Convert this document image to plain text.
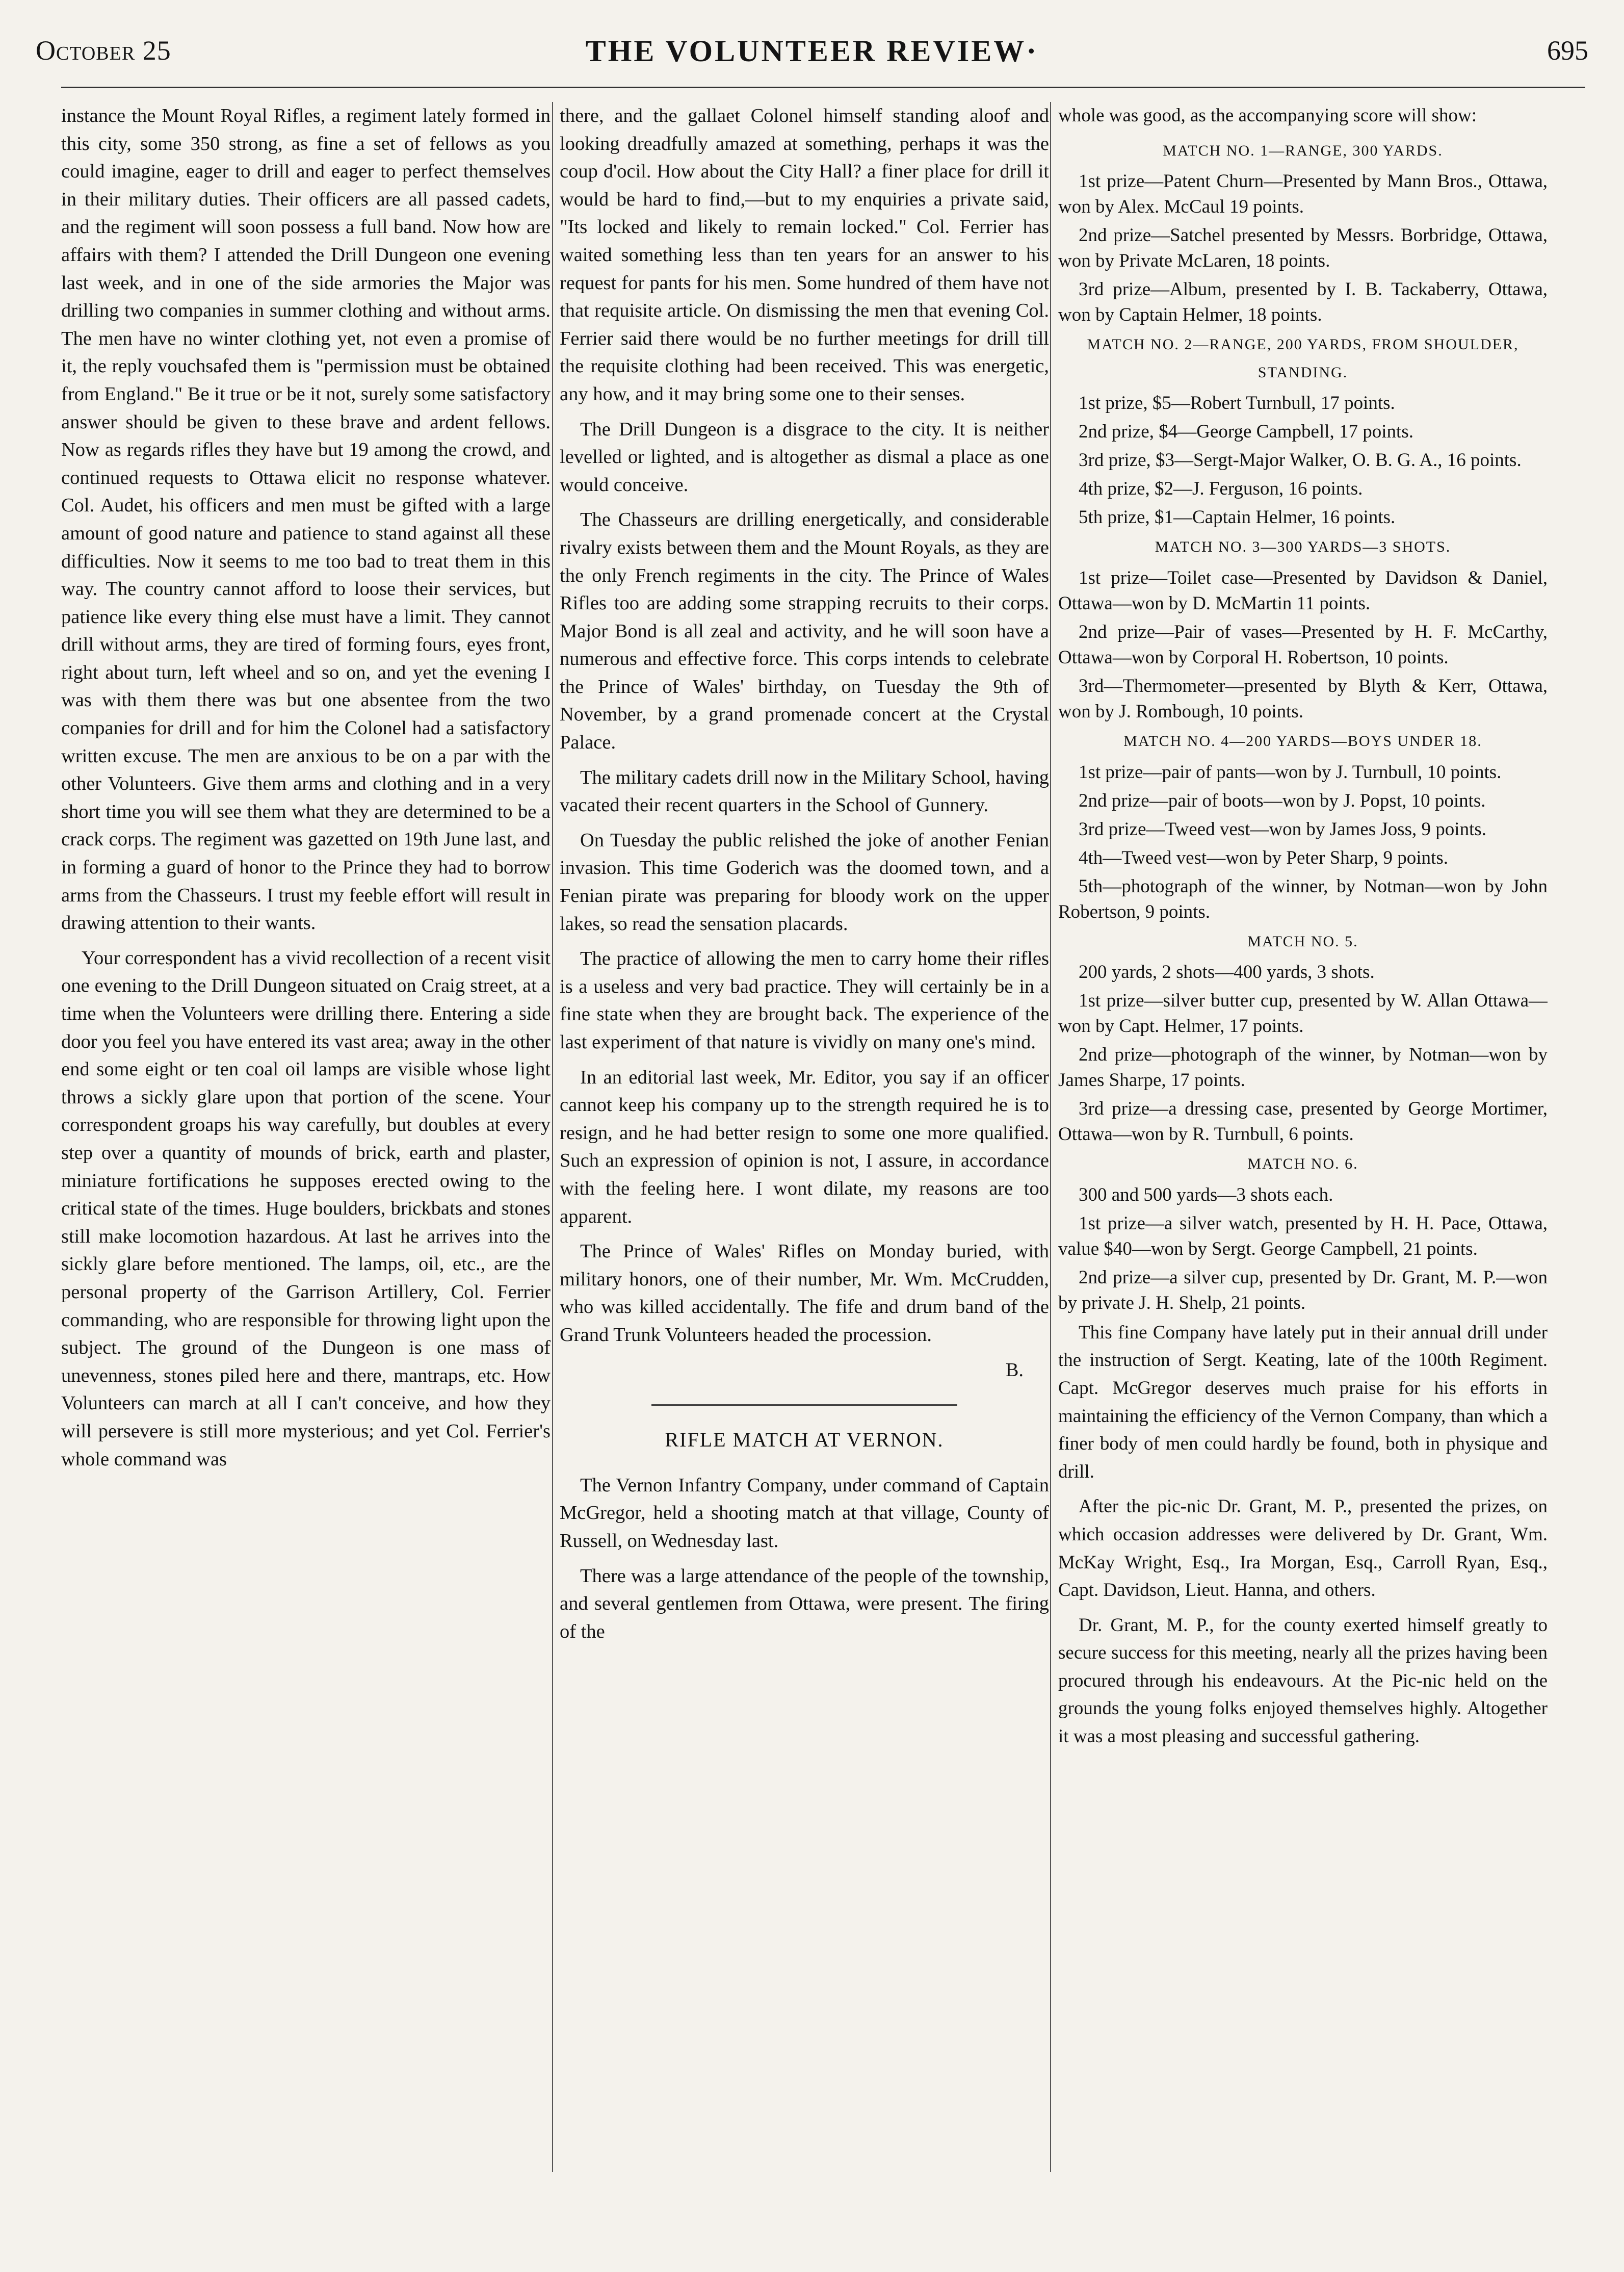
October 25	THE VOLUNTEER REVIEW·	695

instance the Mount Royal Rifles, a regiment lately formed in this city, some 350 strong, as fine a set of fellows as you could imagine, eager to drill and eager to perfect themselves in their military duties. Their officers are all passed cadets, and the regiment will soon possess a full band. Now how are affairs with them? I attended the Drill Dungeon one evening last week, and in one of the side armories the Major was drilling two companies in summer clothing and without arms. The men have no winter clothing yet, not even a promise of it, the reply vouchsafed them is "permission must be obtained from England." Be it true or be it not, surely some satisfactory answer should be given to these brave and ardent fellows. Now as regards rifles they have but 19 among the crowd, and continued requests to Ottawa elicit no response whatever. Col. Audet, his officers and men must be gifted with a large amount of good nature and patience to stand against all these difficulties. Now it seems to me too bad to treat them in this way. The country cannot afford to loose their services, but patience like every thing else must have a limit. They cannot drill without arms, they are tired of forming fours, eyes front, right about turn, left wheel and so on, and yet the evening I was with them there was but one absentee from the two companies for drill and for him the Colonel had a satisfactory written excuse. The men are anxious to be on a par with the other Volunteers. Give them arms and clothing and in a very short time you will see them what they are determined to be a crack corps. The regiment was gazetted on 19th June last, and in forming a guard of honor to the Prince they had to borrow arms from the Chasseurs. I trust my feeble effort will result in drawing attention to their wants.

Your correspondent has a vivid recollection of a recent visit one evening to the Drill Dungeon situated on Craig street, at a time when the Volunteers were drilling there. Entering a side door you feel you have entered its vast area; away in the other end some eight or ten coal oil lamps are visible whose light throws a sickly glare upon that portion of the scene. Your correspondent groaps his way carefully, but doubles at every step over a quantity of mounds of brick, earth and plaster, miniature fortifications he supposes erected owing to the critical state of the times. Huge boulders, brickbats and stones still make locomotion hazardous. At last he arrives into the sickly glare before mentioned. The lamps, oil, etc., are the personal property of the Garrison Artillery, Col. Ferrier commanding, who are responsible for throwing light upon the subject. The ground of the Dungeon is one mass of unevenness, stones piled here and there, mantraps, etc. How Volunteers can march at all I can't conceive, and how they will persevere is still more mysterious; and yet Col. Ferrier's whole command was

there, and the gallaet Colonel himself standing aloof and looking dreadfully amazed at something, perhaps it was the coup d'ocil. How about the City Hall? a finer place for drill it would be hard to find,—but to my enquiries a private said, "Its locked and likely to remain locked." Col. Ferrier has waited something less than ten years for an answer to his request for pants for his men. Some hundred of them have not that requisite article. On dismissing the men that evening Col. Ferrier said there would be no further meetings for drill till the requisite clothing had been received. This was energetic, any how, and it may bring some one to their senses.

The Drill Dungeon is a disgrace to the city. It is neither levelled or lighted, and is altogether as dismal a place as one would conceive.

The Chasseurs are drilling energetically, and considerable rivalry exists between them and the Mount Royals, as they are the only French regiments in the city. The Prince of Wales Rifles too are adding some strapping recruits to their corps. Major Bond is all zeal and activity, and he will soon have a numerous and effective force. This corps intends to celebrate the Prince of Wales' birthday, on Tuesday the 9th of November, by a grand promenade concert at the Crystal Palace.

The military cadets drill now in the Military School, having vacated their recent quarters in the School of Gunnery.

On Tuesday the public relished the joke of another Fenian invasion. This time Goderich was the doomed town, and a Fenian pirate was preparing for bloody work on the upper lakes, so read the sensation placards.

The practice of allowing the men to carry home their rifles is a useless and very bad practice. They will certainly be in a fine state when they are brought back. The experience of the last experiment of that nature is vividly on many one's mind.

In an editorial last week, Mr. Editor, you say if an officer cannot keep his company up to the strength required he is to resign, and he had better resign to some one more qualified. Such an expression of opinion is not, I assure, in accordance with the feeling here. I wont dilate, my reasons are too apparent.

The Prince of Wales' Rifles on Monday buried, with military honors, one of their number, Mr. Wm. McCrudden, who was killed accidentally. The fife and drum band of the Grand Trunk Volunteers headed the procession.

B.

RIFLE MATCH AT VERNON.

The Vernon Infantry Company, under command of Captain McGregor, held a shooting match at that village, County of Russell, on Wednesday last.

There was a large attendance of the people of the township, and several gentlemen from Ottawa, were present. The firing of the

whole was good, as the accompanying score will show:

MATCH NO. 1—RANGE, 300 YARDS.

1st prize—Patent Churn—Presented by Mann Bros., Ottawa, won by Alex. McCaul 19 points.

2nd prize—Satchel presented by Messrs. Borbridge, Ottawa, won by Private McLaren, 18 points.

3rd prize—Album, presented by I. B. Tackaberry, Ottawa, won by Captain Helmer, 18 points.

MATCH NO. 2—RANGE, 200 YARDS, FROM SHOULDER, STANDING.

1st prize, $5—Robert Turnbull, 17 points.

2nd prize, $4—George Campbell, 17 points.

3rd prize, $3—Sergt-Major Walker, O. B. G. A., 16 points.

4th prize, $2—J. Ferguson, 16 points.

5th prize, $1—Captain Helmer, 16 points.

MATCH NO. 3—300 YARDS—3 SHOTS.

1st prize—Toilet case—Presented by Davidson & Daniel, Ottawa—won by D. McMartin 11 points.

2nd prize—Pair of vases—Presented by H. F. McCarthy, Ottawa—won by Corporal H. Robertson, 10 points.

3rd—Thermometer—presented by Blyth & Kerr, Ottawa, won by J. Rombough, 10 points.

MATCH NO. 4—200 YARDS—BOYS UNDER 18.

1st prize—pair of pants—won by J. Turnbull, 10 points.

2nd prize—pair of boots—won by J. Popst, 10 points.

3rd prize—Tweed vest—won by James Joss, 9 points.

4th—Tweed vest—won by Peter Sharp, 9 points.

5th—photograph of the winner, by Notman—won by John Robertson, 9 points.

MATCH NO. 5.

200 yards, 2 shots—400 yards, 3 shots.

1st prize—silver butter cup, presented by W. Allan Ottawa—won by Capt. Helmer, 17 points.

2nd prize—photograph of the winner, by Notman—won by James Sharpe, 17 points.

3rd prize—a dressing case, presented by George Mortimer, Ottawa—won by R. Turnbull, 6 points.

MATCH NO. 6.

300 and 500 yards—3 shots each.

1st prize—a silver watch, presented by H. H. Pace, Ottawa, value $40—won by Sergt. George Campbell, 21 points.

2nd prize—a silver cup, presented by Dr. Grant, M. P.—won by private J. H. Shelp, 21 points.

This fine Company have lately put in their annual drill under the instruction of Sergt. Keating, late of the 100th Regiment. Capt. McGregor deserves much praise for his efforts in maintaining the efficiency of the Vernon Company, than which a finer body of men could hardly be found, both in physique and drill.

After the pic-nic Dr. Grant, M. P., presented the prizes, on which occasion addresses were delivered by Dr. Grant, Wm. McKay Wright, Esq., Ira Morgan, Esq., Carroll Ryan, Esq., Capt. Davidson, Lieut. Hanna, and others.

Dr. Grant, M. P., for the county exerted himself greatly to secure success for this meeting, nearly all the prizes having been procured through his endeavours. At the Pic-nic held on the grounds the young folks enjoyed themselves highly. Altogether it was a most pleasing and successful gathering.
